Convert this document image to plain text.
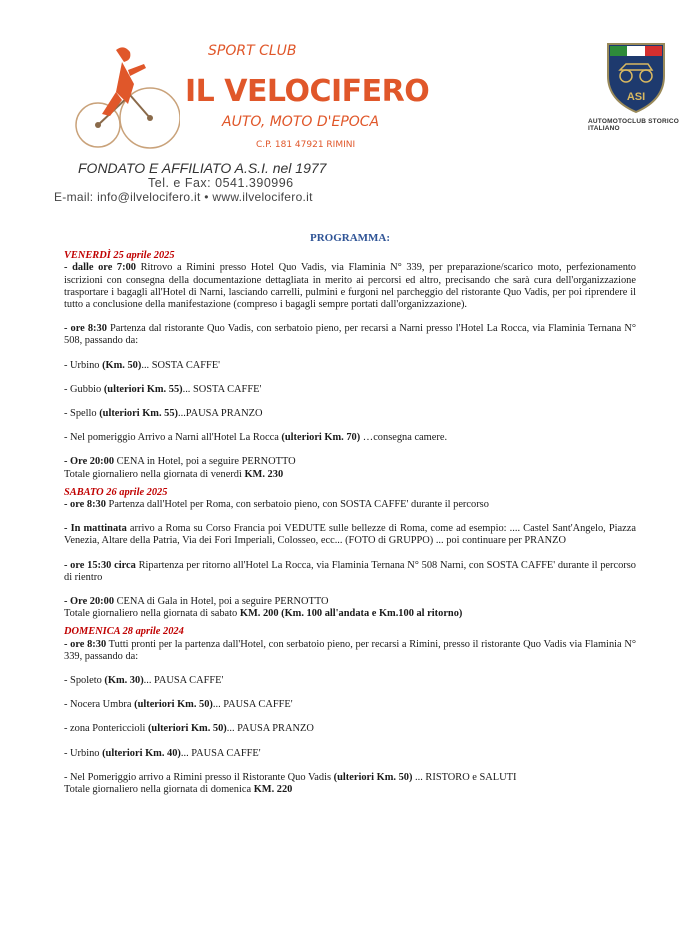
SPORT CLUB
IL VELOCIFERO
AUTO, MOTO D'EPOCA
C.P. 181 47921 RIMINI
FONDATO E AFFILIATO A.S.I. nel 1977
Tel. e Fax: 0541.390996
E-mail: info@ilvelocifero.it • www.ilvelocifero.it
ASI
AUTOMOTOCLUB STORICO ITALIANO
PROGRAMMA:

VENERDÌ 25 aprile 2025

- dalle ore 7:00 Ritrovo a Rimini presso Hotel Quo Vadis, via Flaminia N° 339, per preparazione/scarico moto, perfezionamento iscrizioni con consegna della documentazione dettagliata in merito ai percorsi ed altro, precisando che sarà cura dell'organizzazione trasportare i bagagli all'Hotel di Narni, lasciando carrelli, pulmini e furgoni nel parcheggio del ristorante Quo Vadis, per poi riprendere il tutto a conclusione della manifestazione (compreso i bagagli sempre portati dall'organizzazione).

- ore 8:30 Partenza dal ristorante Quo Vadis, con serbatoio pieno, per recarsi a Narni presso l'Hotel La Rocca, via Flaminia Ternana N° 508, passando da:

- Urbino (Km. 50)... SOSTA CAFFE'

- Gubbio (ulteriori Km. 55)... SOSTA CAFFE'

- Spello (ulteriori Km. 55)...PAUSA PRANZO

- Nel pomeriggio Arrivo a Narni all'Hotel La Rocca (ulteriori Km. 70) …consegna camere.

- Ore 20:00 CENA in Hotel, poi a seguire PERNOTTO

Totale giornaliero nella giornata di venerdì KM. 230

SABATO 26 aprile 2025

- ore 8:30 Partenza dall'Hotel per Roma, con serbatoio pieno, con SOSTA CAFFE' durante il percorso

- In mattinata arrivo a Roma su Corso Francia poi VEDUTE sulle bellezze di Roma, come ad esempio: .... Castel Sant'Angelo, Piazza Venezia, Altare della Patria, Via dei Fori Imperiali, Colosseo, ecc... (FOTO di GRUPPO) ... poi continuare per PRANZO

- ore 15:30 circa Ripartenza per ritorno all'Hotel La Rocca, via Flaminia Ternana N° 508 Narni, con SOSTA CAFFE' durante il percorso di rientro

- Ore 20:00 CENA di Gala in Hotel, poi a seguire PERNOTTO

Totale giornaliero nella giornata di sabato KM. 200 (Km. 100 all'andata e Km.100 al ritorno)

DOMENICA 28 aprile 2024

- ore 8:30 Tutti pronti per la partenza dall'Hotel, con serbatoio pieno, per recarsi a Rimini, presso il ristorante Quo Vadis via Flaminia N° 339, passando da:

- Spoleto (Km. 30)... PAUSA CAFFE'

- Nocera Umbra (ulteriori Km. 50)... PAUSA CAFFE'

- zona Pontericcioli (ulteriori Km. 50)... PAUSA PRANZO

- Urbino (ulteriori Km. 40)... PAUSA CAFFE'

- Nel Pomeriggio arrivo a Rimini presso il Ristorante Quo Vadis (ulteriori Km. 50) ... RISTORO e SALUTI

Totale giornaliero nella giornata di domenica KM. 220
